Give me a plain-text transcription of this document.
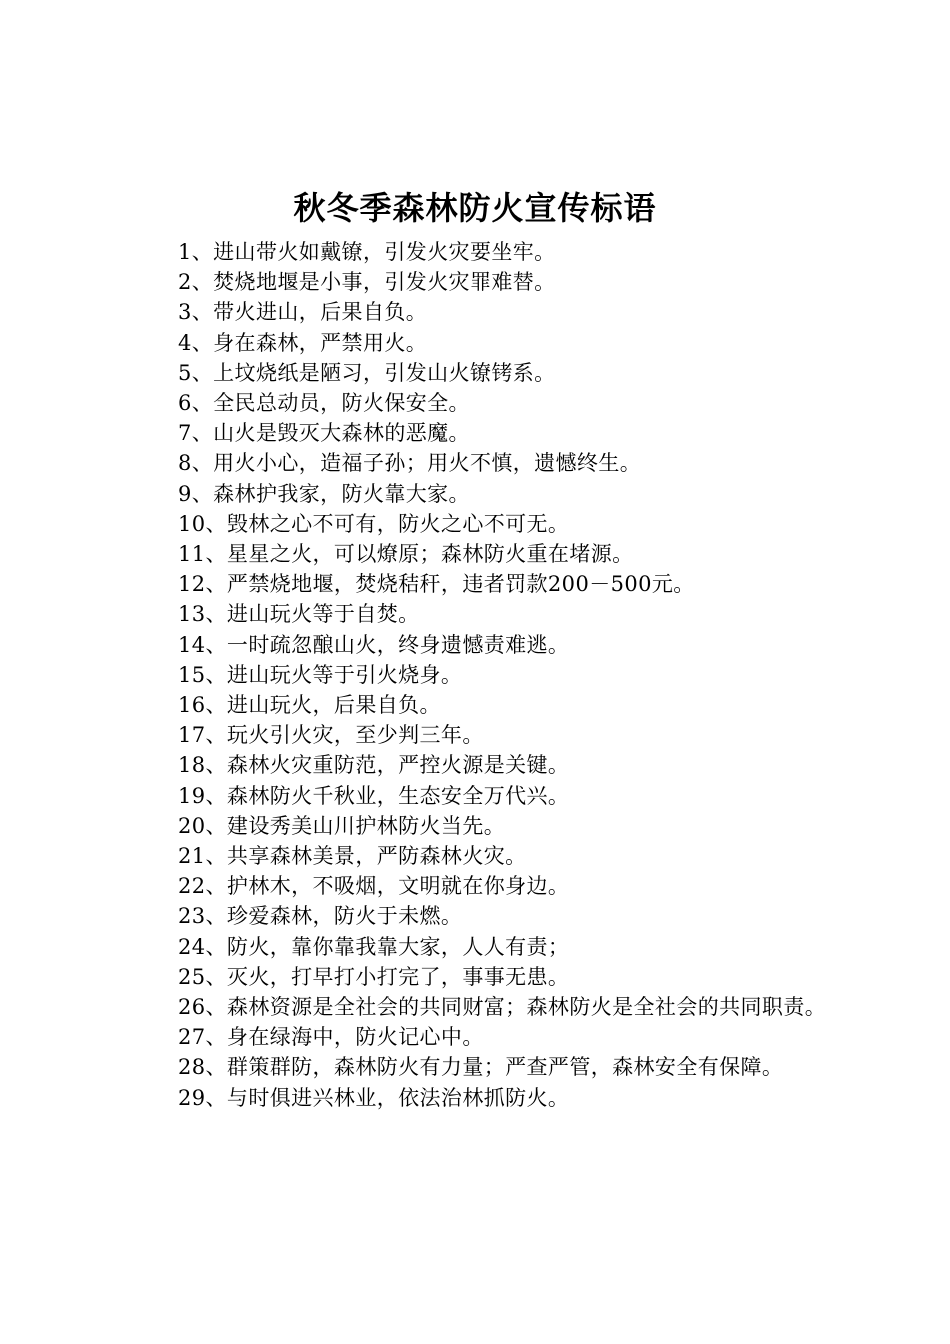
秋冬季森林防火宣传标语
1、进山带火如戴镣，引发火灾要坐牢。
2、焚烧地堰是小事，引发火灾罪难替。
3、带火进山，后果自负。
4、身在森林，严禁用火。
5、上坟烧纸是陋习，引发山火镣铐系。
6、全民总动员，防火保安全。
7、山火是毁灭大森林的恶魔。
8、用火小心，造福子孙；用火不慎，遗憾终生。
9、森林护我家，防火靠大家。
10、毁林之心不可有，防火之心不可无。
11、星星之火，可以燎原；森林防火重在堵源。
12、严禁烧地堰，焚烧秸秆，违者罚款200－500元。
13、进山玩火等于自焚。
14、一时疏忽酿山火，终身遗憾责难逃。
15、进山玩火等于引火烧身。
16、进山玩火，后果自负。
17、玩火引火灾，至少判三年。
18、森林火灾重防范，严控火源是关键。
19、森林防火千秋业，生态安全万代兴。
20、建设秀美山川护林防火当先。
21、共享森林美景，严防森林火灾。
22、护林木，不吸烟，文明就在你身边。
23、珍爱森林，防火于未燃。
24、防火，靠你靠我靠大家，人人有责；
25、灭火，打早打小打完了，事事无患。
26、森林资源是全社会的共同财富；森林防火是全社会的共同职责。
27、身在绿海中，防火记心中。
28、群策群防，森林防火有力量；严查严管，森林安全有保障。
29、与时俱进兴林业，依法治林抓防火。
